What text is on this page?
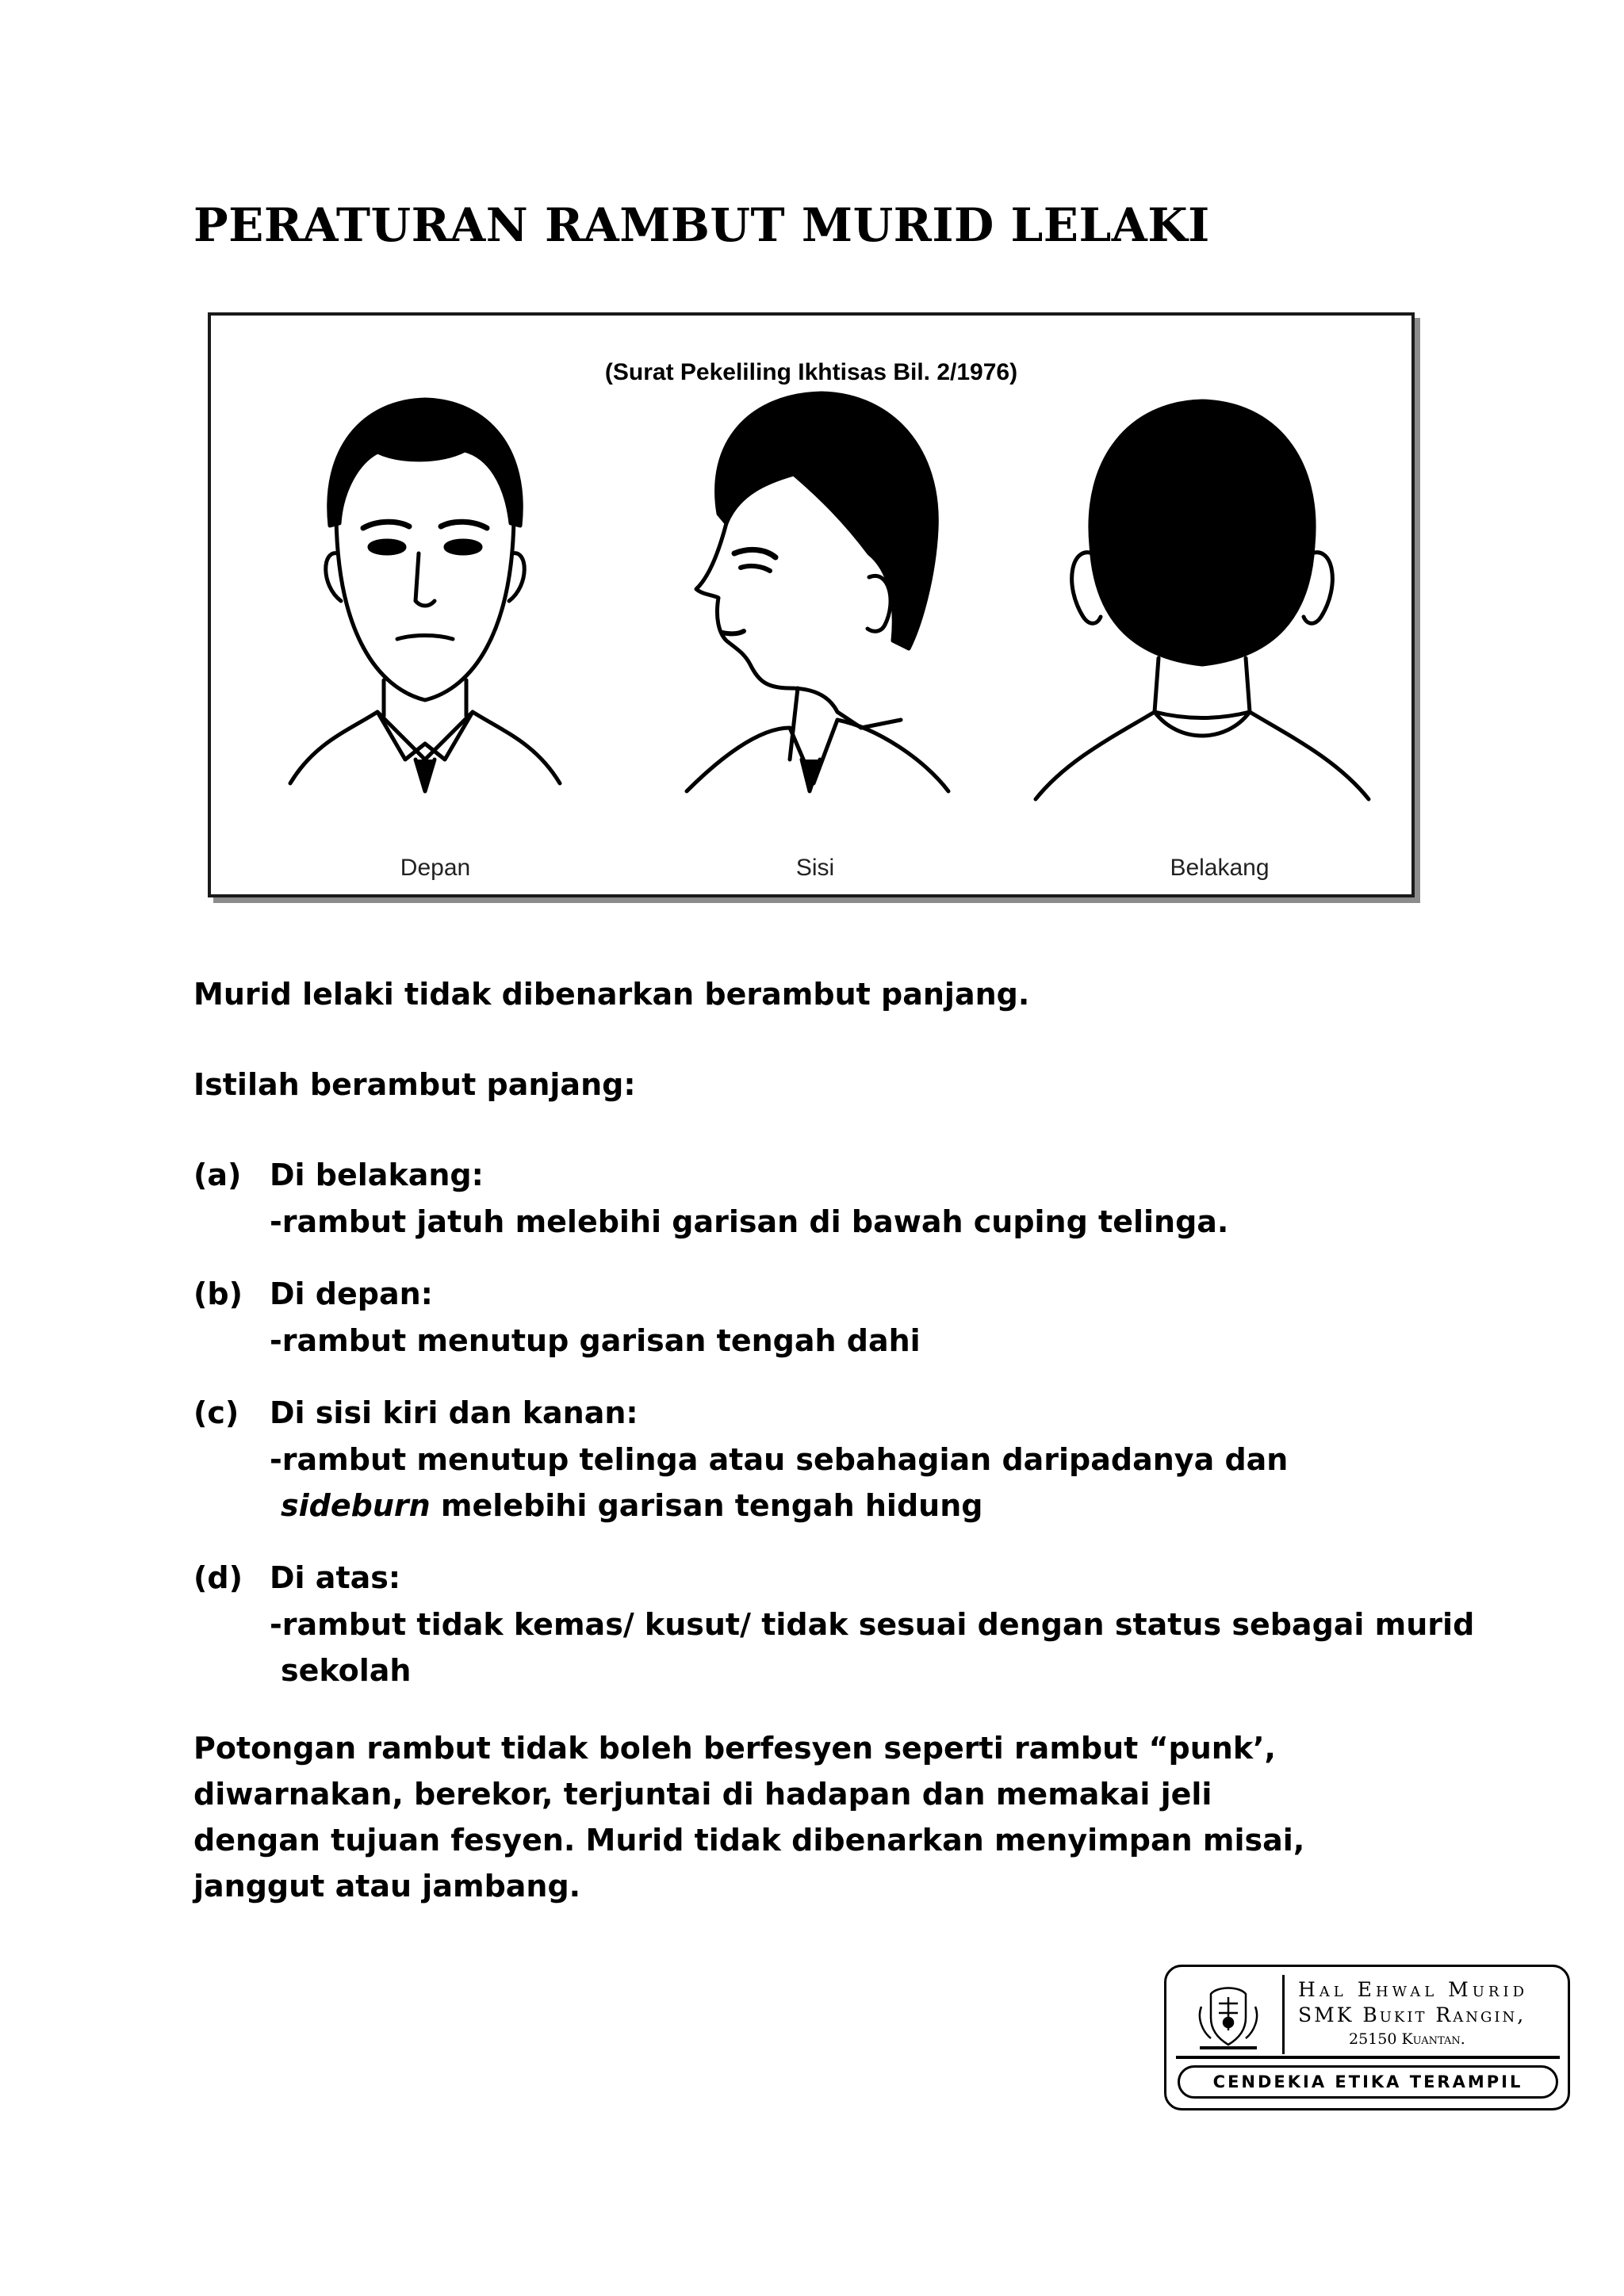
PERATURAN RAMBUT MURID LELAKI
(Surat Pekeliling Ikhtisas Bil. 2/1976)
Depan	Sisi	Belakang

Murid lelaki tidak dibenarkan berambut panjang.

Istilah berambut panjang:

(a) Di belakang:
-rambut jatuh melebihi garisan di bawah cuping telinga.
(b) Di depan:
-rambut menutup garisan tengah dahi
(c) Di sisi kiri dan kanan:
-rambut menutup telinga atau sebahagian daripadanya dan
sideburn melebihi garisan tengah hidung
(d) Di atas:
-rambut tidak kemas/ kusut/ tidak sesuai dengan status sebagai murid
sekolah
Potongan rambut tidak boleh berfesyen seperti rambut “punk’,
diwarnakan, berekor, terjuntai di hadapan dan memakai jeli
dengan tujuan fesyen. Murid tidak dibenarkan menyimpan misai,
janggut atau jambang.
Hal Ehwal Murid
SMK Bukit Rangin,
25150 Kuantan.
CENDEKIA ETIKA TERAMPIL
